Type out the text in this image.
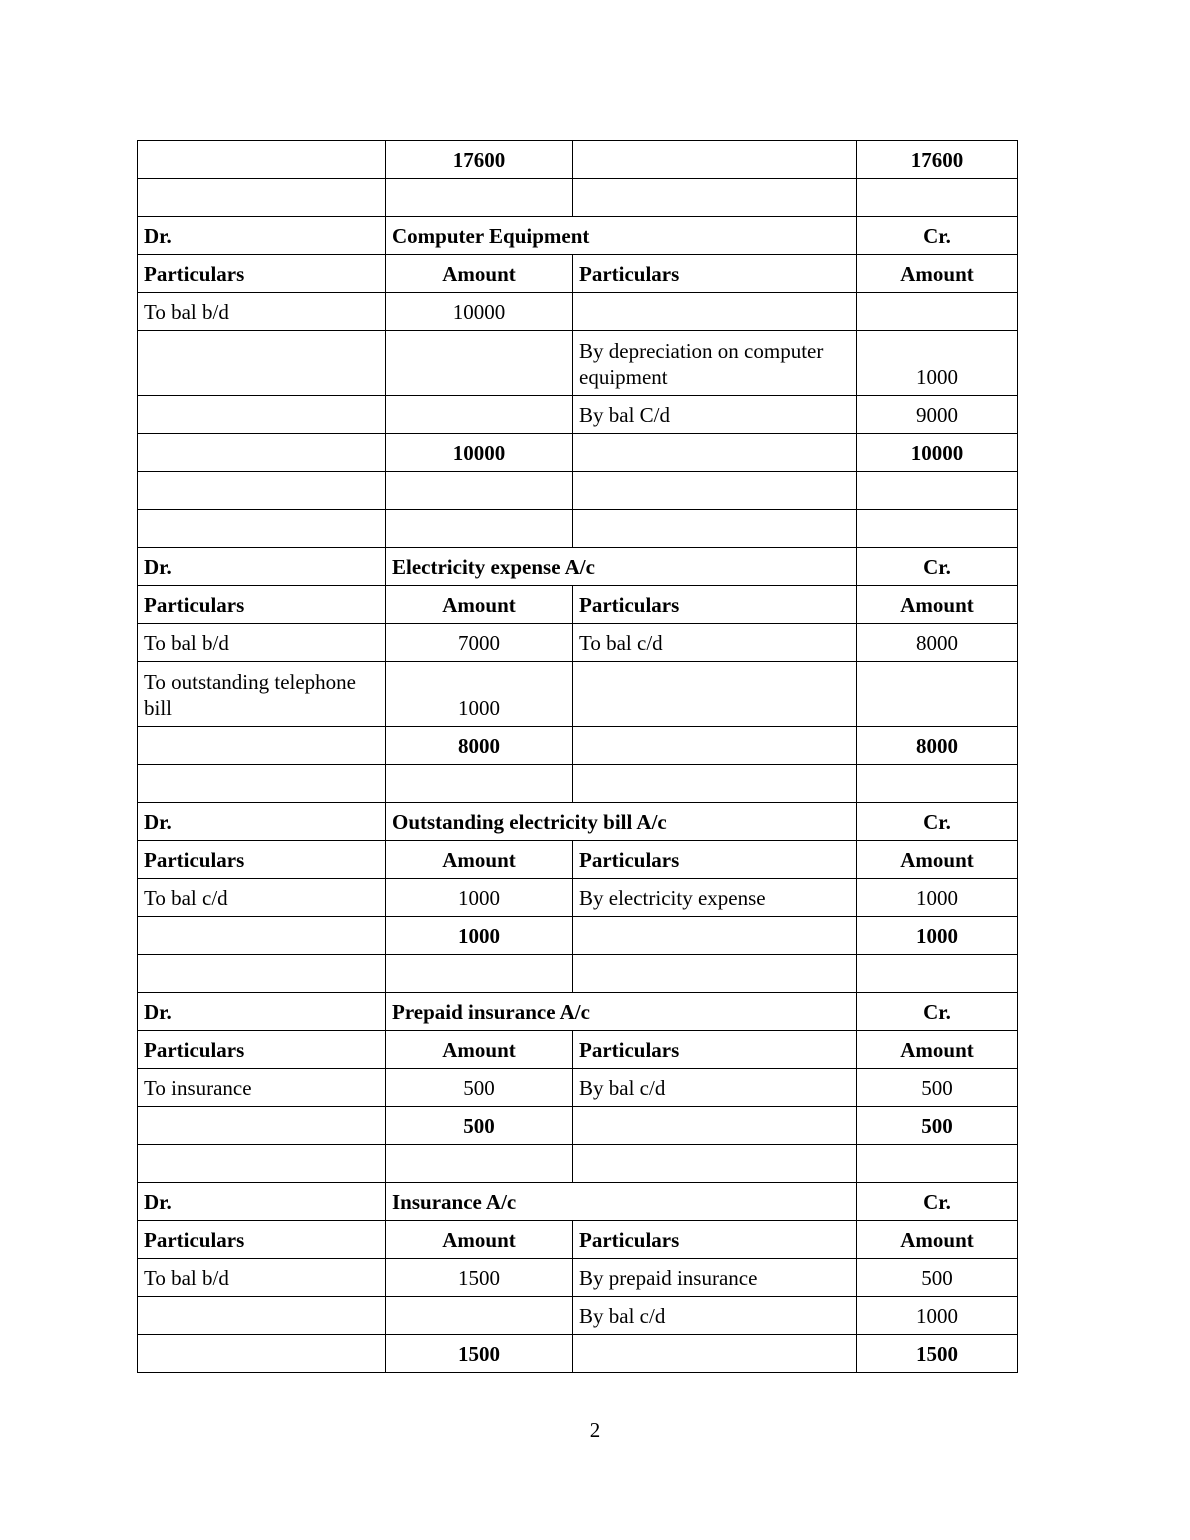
	17600		17600

Dr.	Computer Equipment		Cr.
Particulars	Amount	Particulars	Amount
To bal b/d	10000		
		By depreciation on computer equipment	1000
		By bal C/d	9000
	10000		10000

Dr.	Electricity expense A/c		Cr.
Particulars	Amount	Particulars	Amount
To bal b/d	7000	To bal c/d	8000
To outstanding telephone bill	1000		
	8000		8000

Dr.	Outstanding electricity bill A/c		Cr.
Particulars	Amount	Particulars	Amount
To bal c/d	1000	By electricity expense	1000
	1000		1000

Dr.	Prepaid insurance A/c		Cr.
Particulars	Amount	Particulars	Amount
To insurance	500	By bal c/d	500
	500		500

Dr.	Insurance A/c		Cr.
Particulars	Amount	Particulars	Amount
To bal b/d	1500	By prepaid insurance	500
		By bal c/d	1000
	1500		1500
2
